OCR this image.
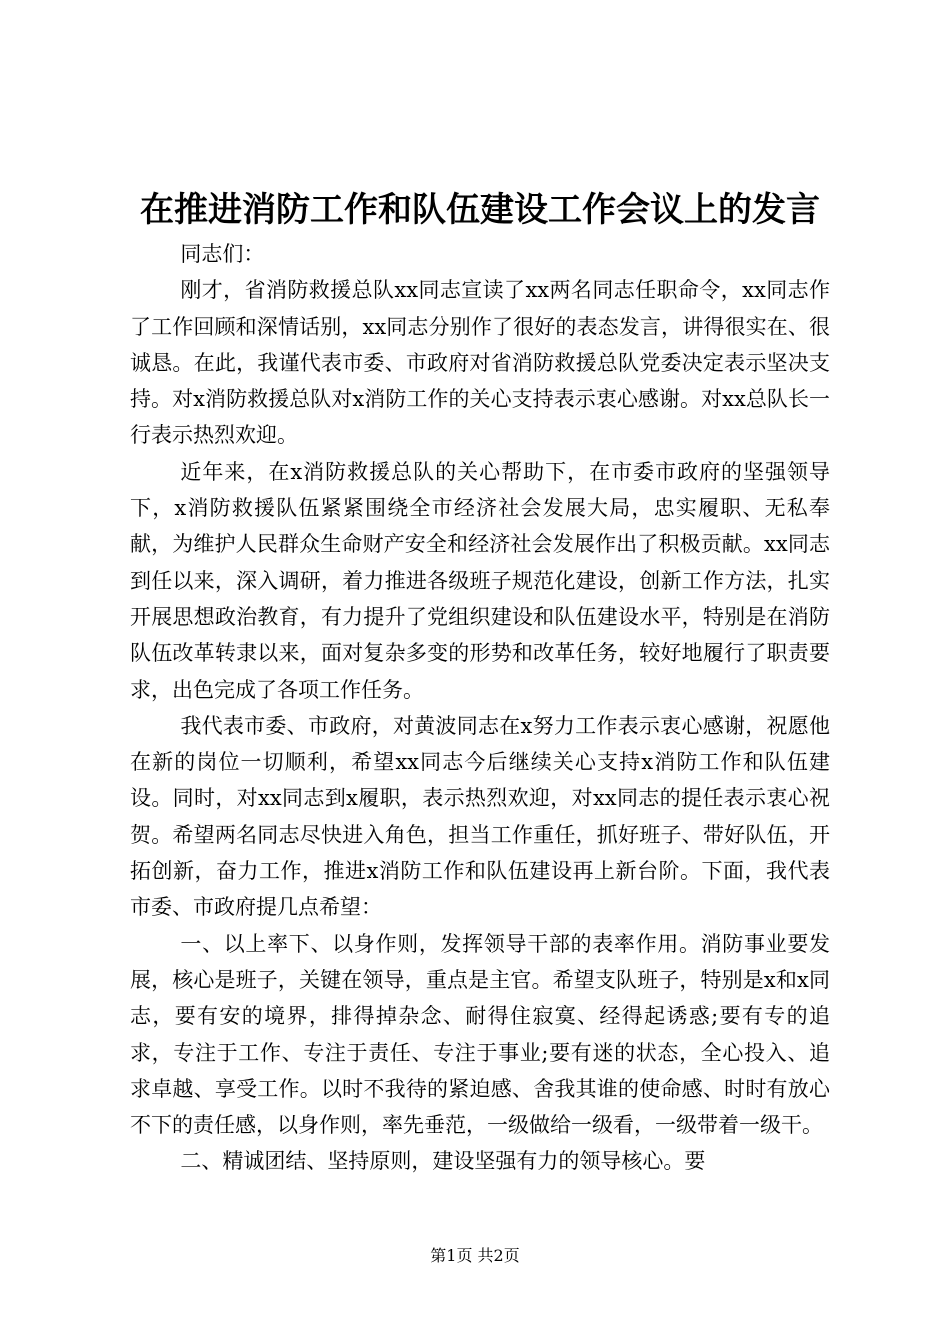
在推进消防工作和队伍建设工作会议上的发言

同志们：

刚才，省消防救援总队xx同志宣读了xx两名同志任职命令，xx同志作了工作回顾和深情话别，xx同志分别作了很好的表态发言，讲得很实在、很诚恳。在此，我谨代表市委、市政府对省消防救援总队党委决定表示坚决支持。对x消防救援总队对x消防工作的关心支持表示衷心感谢。对xx总队长一行表示热烈欢迎。

近年来，在x消防救援总队的关心帮助下，在市委市政府的坚强领导下，x消防救援队伍紧紧围绕全市经济社会发展大局，忠实履职、无私奉献，为维护人民群众生命财产安全和经济社会发展作出了积极贡献。xx同志到任以来，深入调研，着力推进各级班子规范化建设，创新工作方法，扎实开展思想政治教育，有力提升了党组织建设和队伍建设水平，特别是在消防队伍改革转隶以来，面对复杂多变的形势和改革任务，较好地履行了职责要求，出色完成了各项工作任务。

我代表市委、市政府，对黄波同志在x努力工作表示衷心感谢，祝愿他在新的岗位一切顺利，希望xx同志今后继续关心支持x消防工作和队伍建设。同时，对xx同志到x履职，表示热烈欢迎，对xx同志的提任表示衷心祝贺。希望两名同志尽快进入角色，担当工作重任，抓好班子、带好队伍，开拓创新，奋力工作，推进x消防工作和队伍建设再上新台阶。下面，我代表市委、市政府提几点希望：

一、以上率下、以身作则，发挥领导干部的表率作用。消防事业要发展，核心是班子，关键在领导，重点是主官。希望支队班子，特别是x和x同志，要有安的境界，排得掉杂念、耐得住寂寞、经得起诱惑;要有专的追求，专注于工作、专注于责任、专注于事业;要有迷的状态，全心投入、追求卓越、享受工作。以时不我待的紧迫感、舍我其谁的使命感、时时有放心不下的责任感，以身作则，率先垂范，一级做给一级看，一级带着一级干。

二、精诚团结、坚持原则，建设坚强有力的领导核心。要

第1页 共2页
